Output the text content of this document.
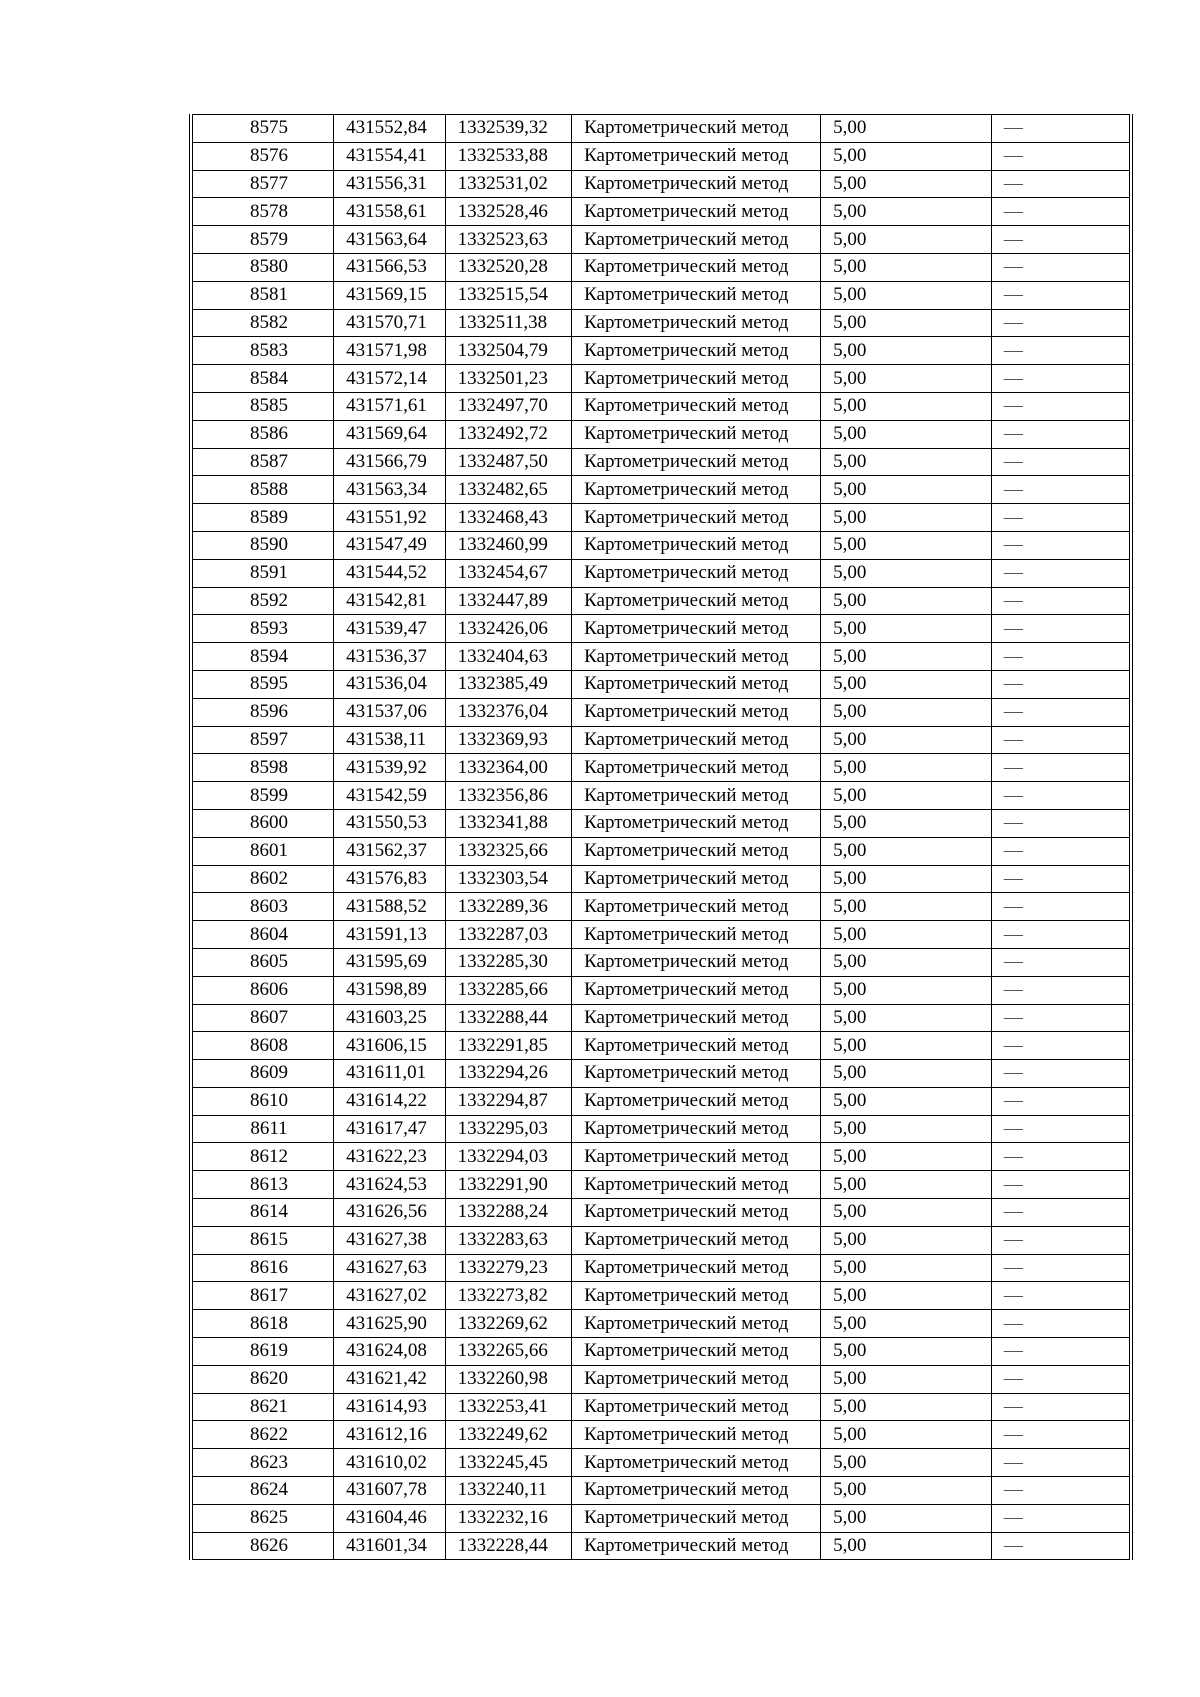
8575	431552,84	1332539,32	Картометрический метод	5,00	—
8576	431554,41	1332533,88	Картометрический метод	5,00	—
8577	431556,31	1332531,02	Картометрический метод	5,00	—
8578	431558,61	1332528,46	Картометрический метод	5,00	—
8579	431563,64	1332523,63	Картометрический метод	5,00	—
8580	431566,53	1332520,28	Картометрический метод	5,00	—
8581	431569,15	1332515,54	Картометрический метод	5,00	—
8582	431570,71	1332511,38	Картометрический метод	5,00	—
8583	431571,98	1332504,79	Картометрический метод	5,00	—
8584	431572,14	1332501,23	Картометрический метод	5,00	—
8585	431571,61	1332497,70	Картометрический метод	5,00	—
8586	431569,64	1332492,72	Картометрический метод	5,00	—
8587	431566,79	1332487,50	Картометрический метод	5,00	—
8588	431563,34	1332482,65	Картометрический метод	5,00	—
8589	431551,92	1332468,43	Картометрический метод	5,00	—
8590	431547,49	1332460,99	Картометрический метод	5,00	—
8591	431544,52	1332454,67	Картометрический метод	5,00	—
8592	431542,81	1332447,89	Картометрический метод	5,00	—
8593	431539,47	1332426,06	Картометрический метод	5,00	—
8594	431536,37	1332404,63	Картометрический метод	5,00	—
8595	431536,04	1332385,49	Картометрический метод	5,00	—
8596	431537,06	1332376,04	Картометрический метод	5,00	—
8597	431538,11	1332369,93	Картометрический метод	5,00	—
8598	431539,92	1332364,00	Картометрический метод	5,00	—
8599	431542,59	1332356,86	Картометрический метод	5,00	—
8600	431550,53	1332341,88	Картометрический метод	5,00	—
8601	431562,37	1332325,66	Картометрический метод	5,00	—
8602	431576,83	1332303,54	Картометрический метод	5,00	—
8603	431588,52	1332289,36	Картометрический метод	5,00	—
8604	431591,13	1332287,03	Картометрический метод	5,00	—
8605	431595,69	1332285,30	Картометрический метод	5,00	—
8606	431598,89	1332285,66	Картометрический метод	5,00	—
8607	431603,25	1332288,44	Картометрический метод	5,00	—
8608	431606,15	1332291,85	Картометрический метод	5,00	—
8609	431611,01	1332294,26	Картометрический метод	5,00	—
8610	431614,22	1332294,87	Картометрический метод	5,00	—
8611	431617,47	1332295,03	Картометрический метод	5,00	—
8612	431622,23	1332294,03	Картометрический метод	5,00	—
8613	431624,53	1332291,90	Картометрический метод	5,00	—
8614	431626,56	1332288,24	Картометрический метод	5,00	—
8615	431627,38	1332283,63	Картометрический метод	5,00	—
8616	431627,63	1332279,23	Картометрический метод	5,00	—
8617	431627,02	1332273,82	Картометрический метод	5,00	—
8618	431625,90	1332269,62	Картометрический метод	5,00	—
8619	431624,08	1332265,66	Картометрический метод	5,00	—
8620	431621,42	1332260,98	Картометрический метод	5,00	—
8621	431614,93	1332253,41	Картометрический метод	5,00	—
8622	431612,16	1332249,62	Картометрический метод	5,00	—
8623	431610,02	1332245,45	Картометрический метод	5,00	—
8624	431607,78	1332240,11	Картометрический метод	5,00	—
8625	431604,46	1332232,16	Картометрический метод	5,00	—
8626	431601,34	1332228,44	Картометрический метод	5,00	—
